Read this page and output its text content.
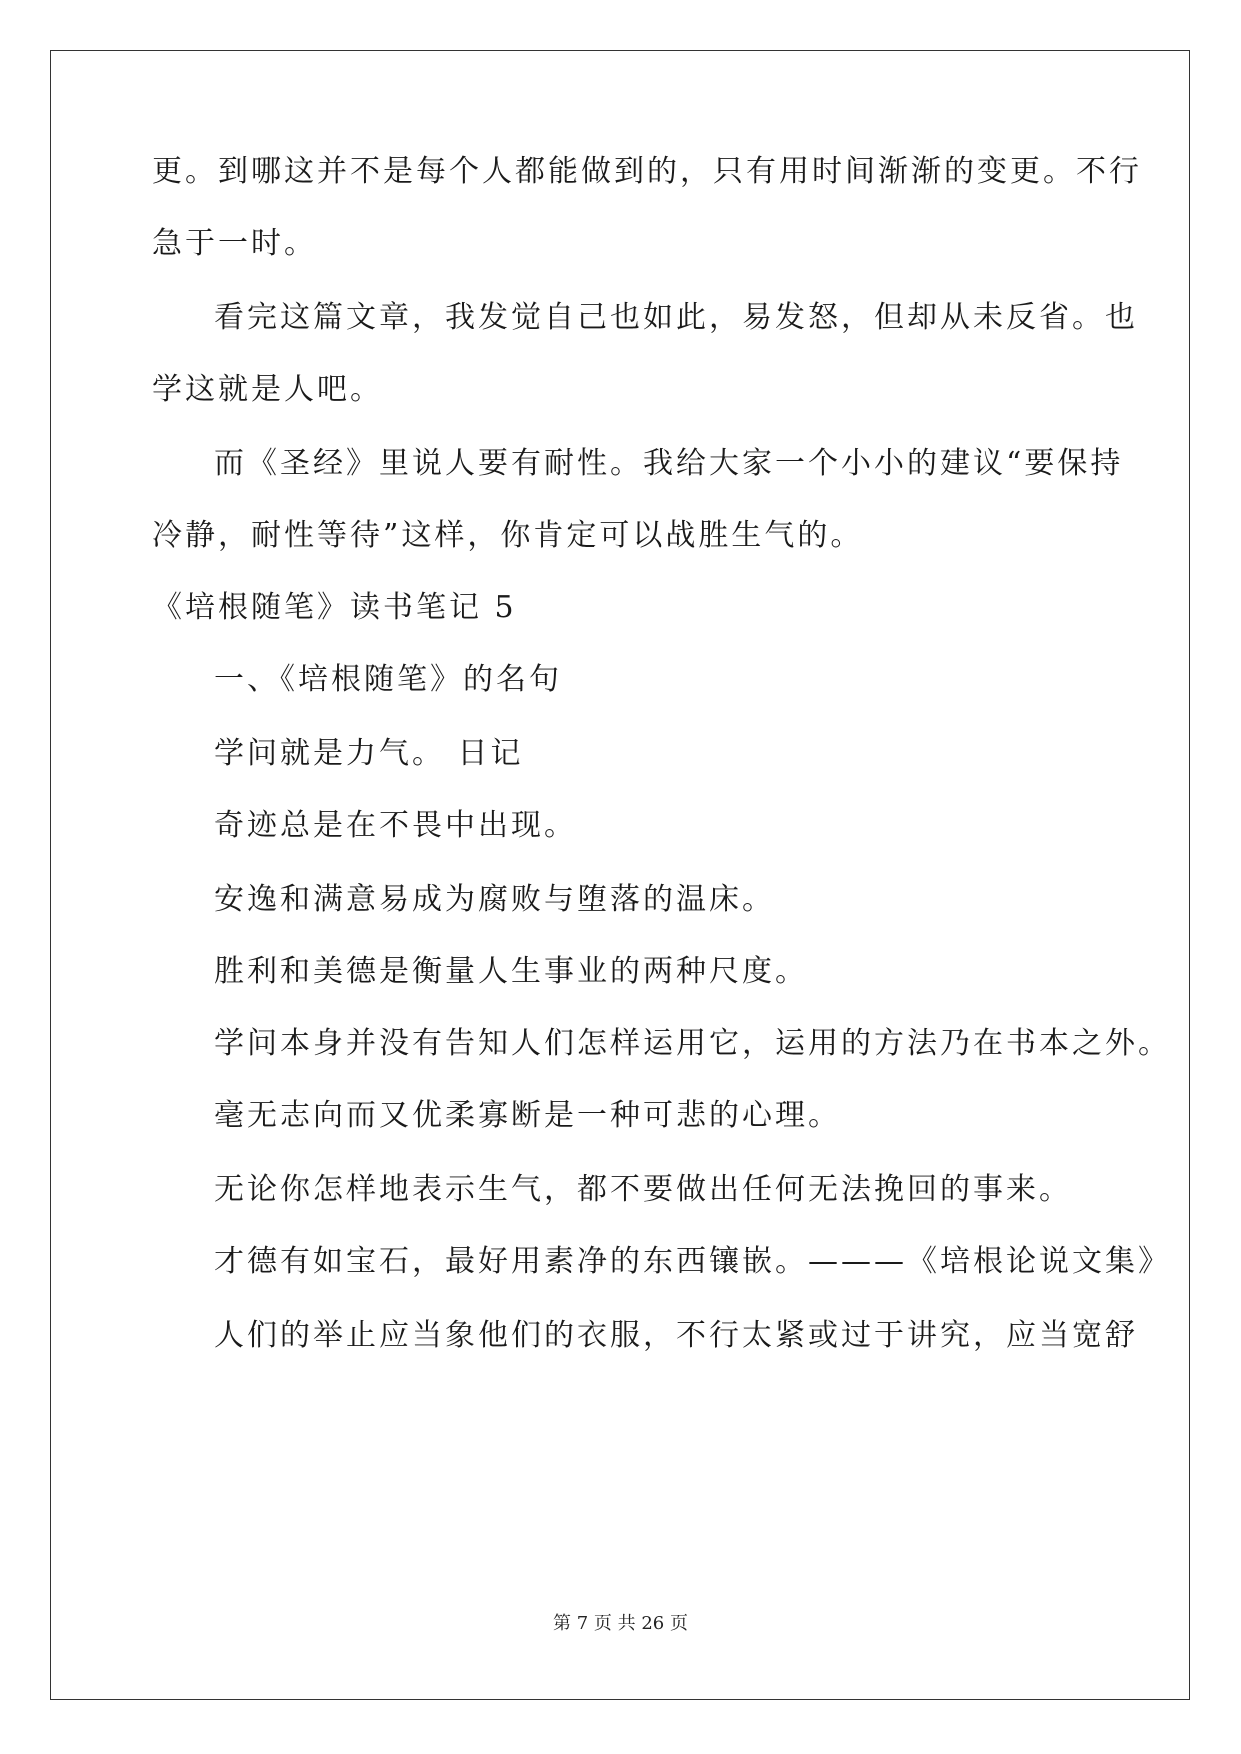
更。到哪这并不是每个人都能做到的，只有用时间渐渐的变更。不行
急于一时。
看完这篇文章，我发觉自己也如此，易发怒，但却从未反省。也
学这就是人吧。
而《圣经》里说人要有耐性。我给大家一个小小的建议“要保持
冷静，耐性等待”这样，你肯定可以战胜生气的。
《培根随笔》读书笔记 5
一、《培根随笔》的名句
学问就是力气。 日记
奇迹总是在不畏中出现。
安逸和满意易成为腐败与堕落的温床。
胜利和美德是衡量人生事业的两种尺度。
学问本身并没有告知人们怎样运用它，运用的方法乃在书本之外。
毫无志向而又优柔寡断是一种可悲的心理。
无论你怎样地表示生气，都不要做出任何无法挽回的事来。
才德有如宝石，最好用素净的东西镶嵌。———《培根论说文集》
人们的举止应当象他们的衣服，不行太紧或过于讲究，应当宽舒
第 7 页 共 26 页
